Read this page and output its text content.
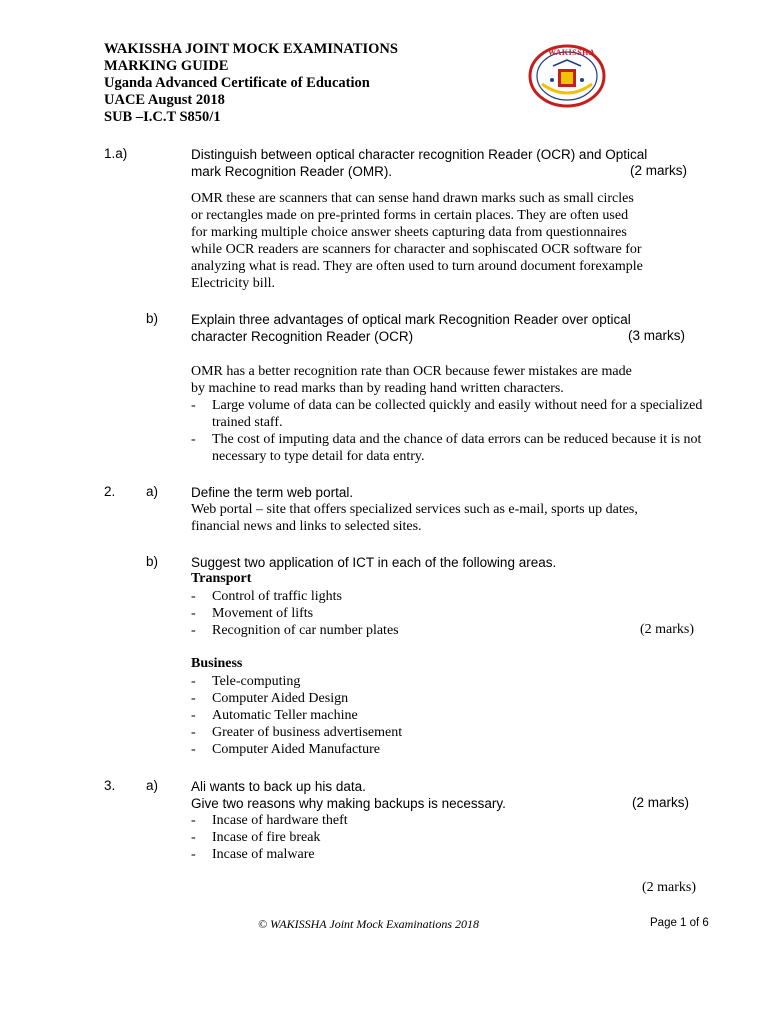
WAKISSHA JOINT MOCK EXAMINATIONS
MARKING GUIDE
Uganda Advanced Certificate of Education
UACE August 2018
SUB –I.C.T S850/1
WAKISSHA
1.a)	Distinguish between optical character recognition Reader (OCR) and Optical
mark Recognition Reader (OMR).	(2 marks)
OMR these are scanners that can sense hand drawn marks such as small circles
or rectangles made on pre-printed forms in certain places. They are often used
for marking multiple choice answer sheets capturing data from questionnaires
while OCR readers are scanners for character and sophiscated OCR software for
analyzing what is read. They are often used to turn around document forexample
Electricity bill.
b) Explain three advantages of optical mark Recognition Reader over optical
character Recognition Reader (OCR)	(3 marks)
OMR has a better recognition rate than OCR because fewer mistakes are made
by machine to read marks than by reading hand written characters.
-	Large volume of data can be collected quickly and easily without need for a specialized trained staff.
-	The cost of imputing data and the chance of data errors can be reduced because it is not necessary to type detail for data entry.
2. a) Define the term web portal.
Web portal – site that offers specialized services such as e-mail, sports up dates,
financial news and links to selected sites.
b) Suggest two application of ICT in each of the following areas.
Transport
-	Control of traffic lights
-	Movement of lifts
-	Recognition of car number plates	(2 marks)
Business
-	Tele-computing
-	Computer Aided Design
-	Automatic Teller machine
-	Greater of business advertisement
-	Computer Aided Manufacture
3. a) Ali wants to back up his data.
Give two reasons why making backups is necessary.	(2 marks)
-	Incase of hardware theft
-	Incase of fire break
-	Incase of malware
(2 marks)
© WAKISSHA Joint Mock Examinations 2018	Page 1 of 6
